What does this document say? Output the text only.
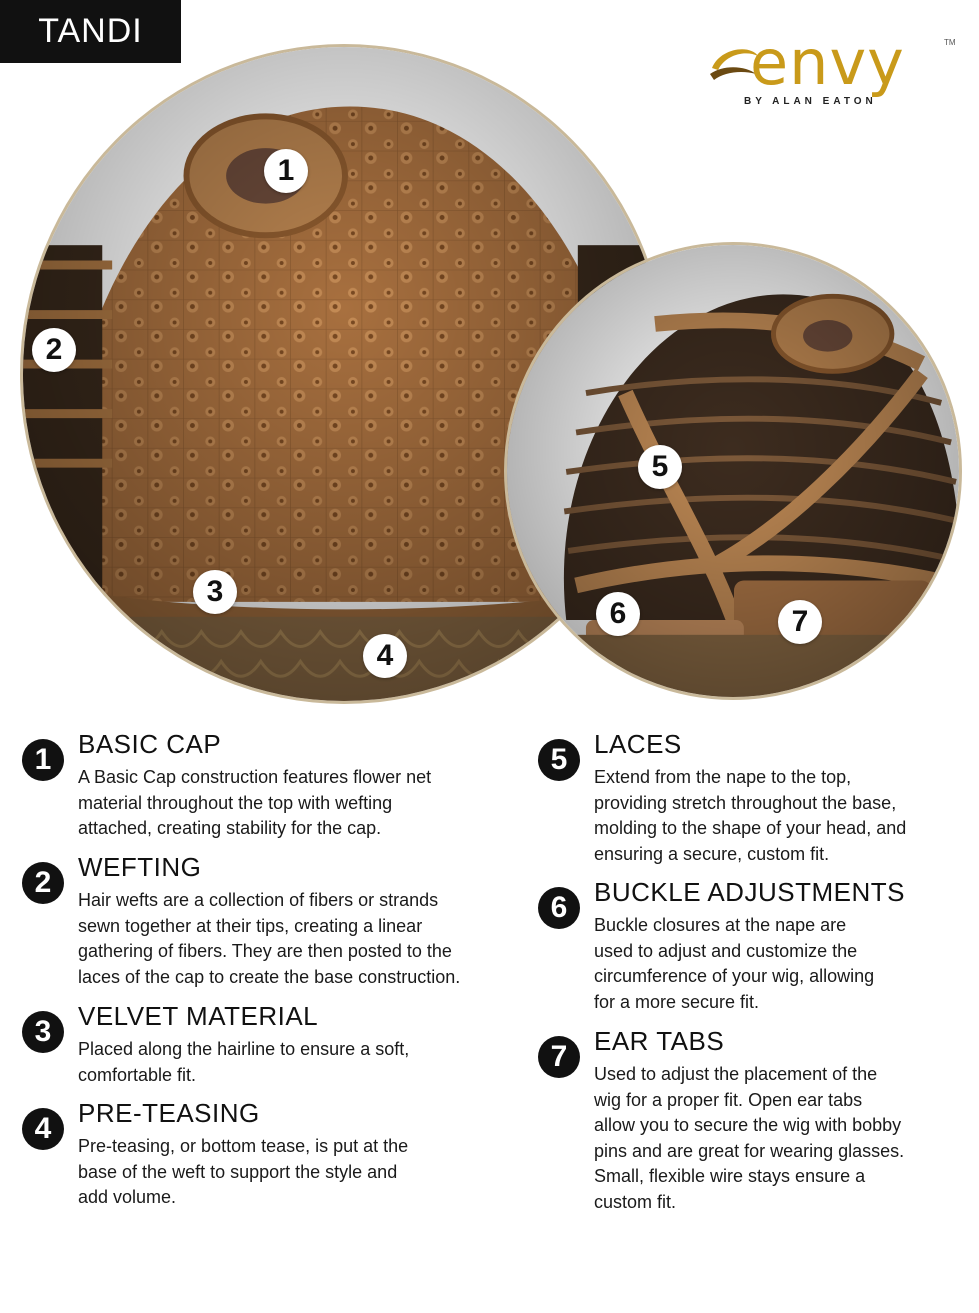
TANDI	envy	TM
BY ALAN EATON
1
2
3
4
5
6	7
1	BASIC CAP
A Basic Cap construction features flower net
material throughout the top with wefting
attached, creating stability for the cap.
2	WEFTING
Hair wefts are a collection of fibers or strands
sewn together at their tips, creating a linear
gathering of fibers. They are then posted to the
laces of the cap to create the base construction.
3	VELVET MATERIAL
Placed along the hairline to ensure a soft,
comfortable fit.
4	PRE-TEASING
Pre-teasing, or bottom tease, is put at the
base of the weft to support the style and
add volume.
5	LACES
Extend from the nape to the top,
providing stretch throughout the base,
molding to the shape of your head, and
ensuring a secure, custom fit.
6	BUCKLE ADJUSTMENTS
Buckle closures at the nape are
used to adjust and customize the
circumference of your wig, allowing
for a more secure fit.
7	EAR TABS
Used to adjust the placement of the
wig for a proper fit. Open ear tabs
allow you to secure the wig with bobby
pins and are great for wearing glasses.
Small, flexible wire stays ensure a
custom fit.
